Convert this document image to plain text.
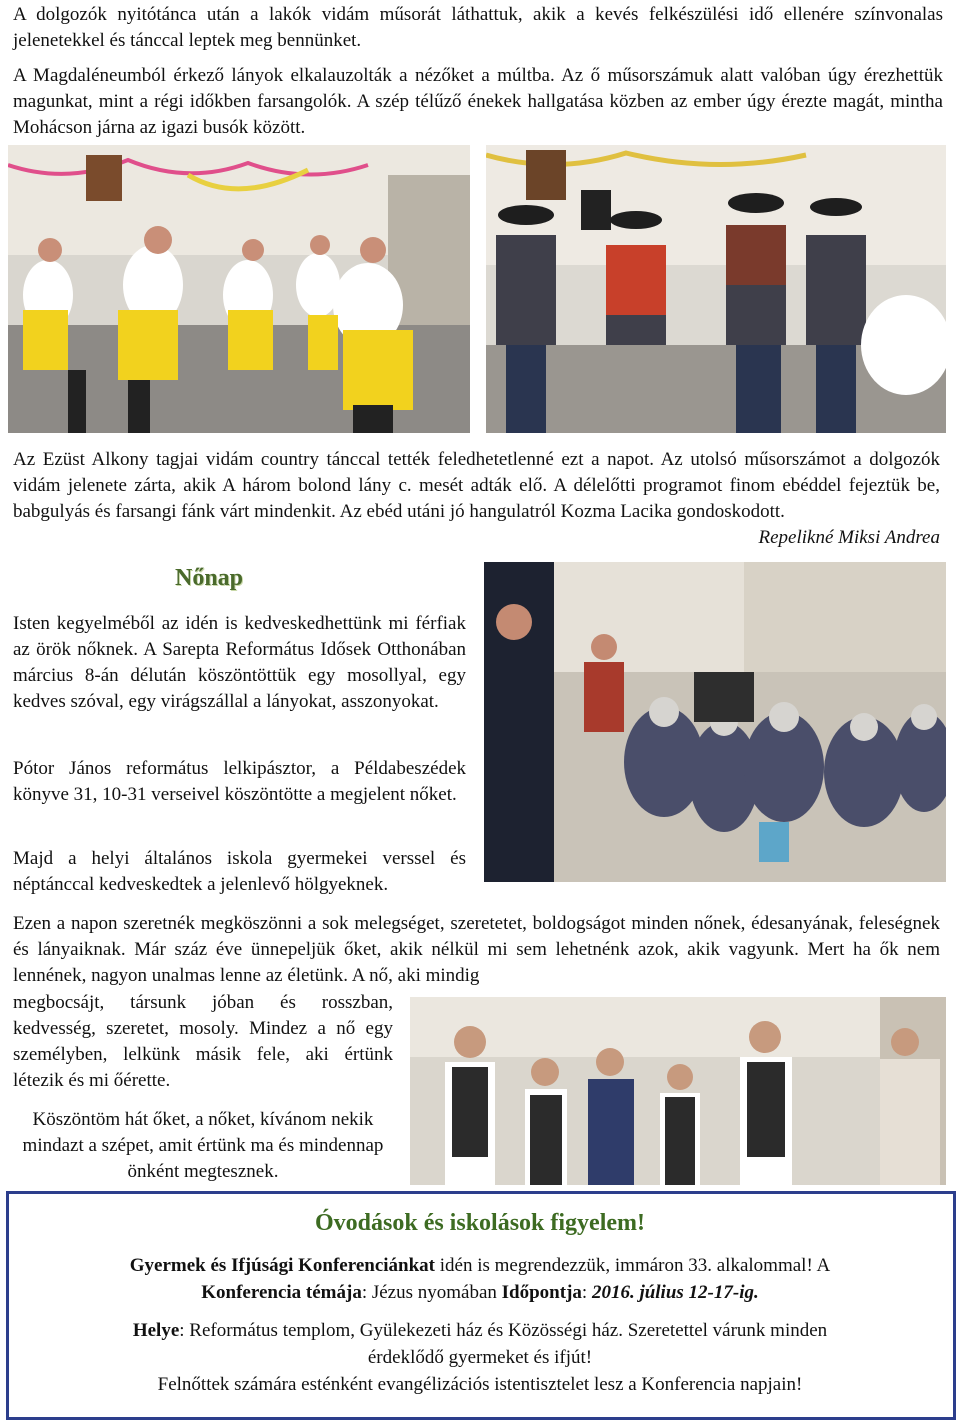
A dolgozók nyitótánca után a lakók vidám műsorát láthattuk, akik a kevés felkészülési idő ellenére színvonalas jelenetekkel és tánccal leptek meg bennünket.
A Magdaléneumból érkező lányok elkalauzolták a nézőket a múltba. Az ő műsorszámuk alatt valóban úgy érezhettük magunkat, mint a régi időkben farsangolók. A szép télűző énekek hallgatása közben az ember úgy érezte magát, mintha Mohácson járna az igazi busók között.
Az Ezüst Alkony tagjai vidám country tánccal tették feledhetetlenné ezt a napot. Az utolsó műsorszámot a dolgozók vidám jelenete zárta, akik A három bolond lány c. mesét adták elő. A délelőtti programot finom ebéddel fejeztük be, babgulyás és farsangi fánk várt mindenkit. Az ebéd utáni jó hangulatról Kozma Lacika gondoskodott.
Repelikné Miksi Andrea
Nőnap
Isten kegyelméből az idén is kedveskedhettünk mi férfiak az örök nőknek. A Sarepta Református Idősek Otthonában március 8-án délután köszöntöttük egy mosollyal, egy kedves szóval, egy virágszállal a lányokat, asszonyokat.
Pótor János református lelkipásztor, a Példabeszédek könyve 31, 10-31 verseivel köszöntötte a megjelent nőket.
Majd a helyi általános iskola gyermekei verssel és néptánccal kedveskedtek a jelenlevő hölgyeknek.
Ezen a napon szeretnék megköszönni a sok melegséget, szeretetet, boldogságot minden nőnek, édesanyának, feleségnek és lányaiknak. Már száz éve ünnepeljük őket, akik nélkül mi sem lehetnénk azok, akik vagyunk. Mert ha ők nem lennének, nagyon unalmas lenne az életünk. A nő, aki mindig
megbocsájt, társunk jóban és rosszban, kedvesség, szeretet, mosoly. Mindez a nő egy személyben, lelkünk másik fele, aki értünk létezik és mi őérette.
Köszöntöm hát őket, a nőket, kívánom nekik mindazt a szépet, amit értünk ma és mindennap önként megtesznek.
Óvodások és iskolások figyelem!
Gyermek és Ifjúsági Konferenciánkat idén is megrendezzük, immáron 33. alkalommal! A
Konferencia témája: Jézus nyomában Időpontja: 2016. július 12-17-ig.
Helye: Református templom, Gyülekezeti ház és Közösségi ház. Szeretettel várunk minden
érdeklődő gyermeket és ifjút!
Felnőttek számára esténként evangélizációs istentisztelet lesz a Konferencia napjain!
